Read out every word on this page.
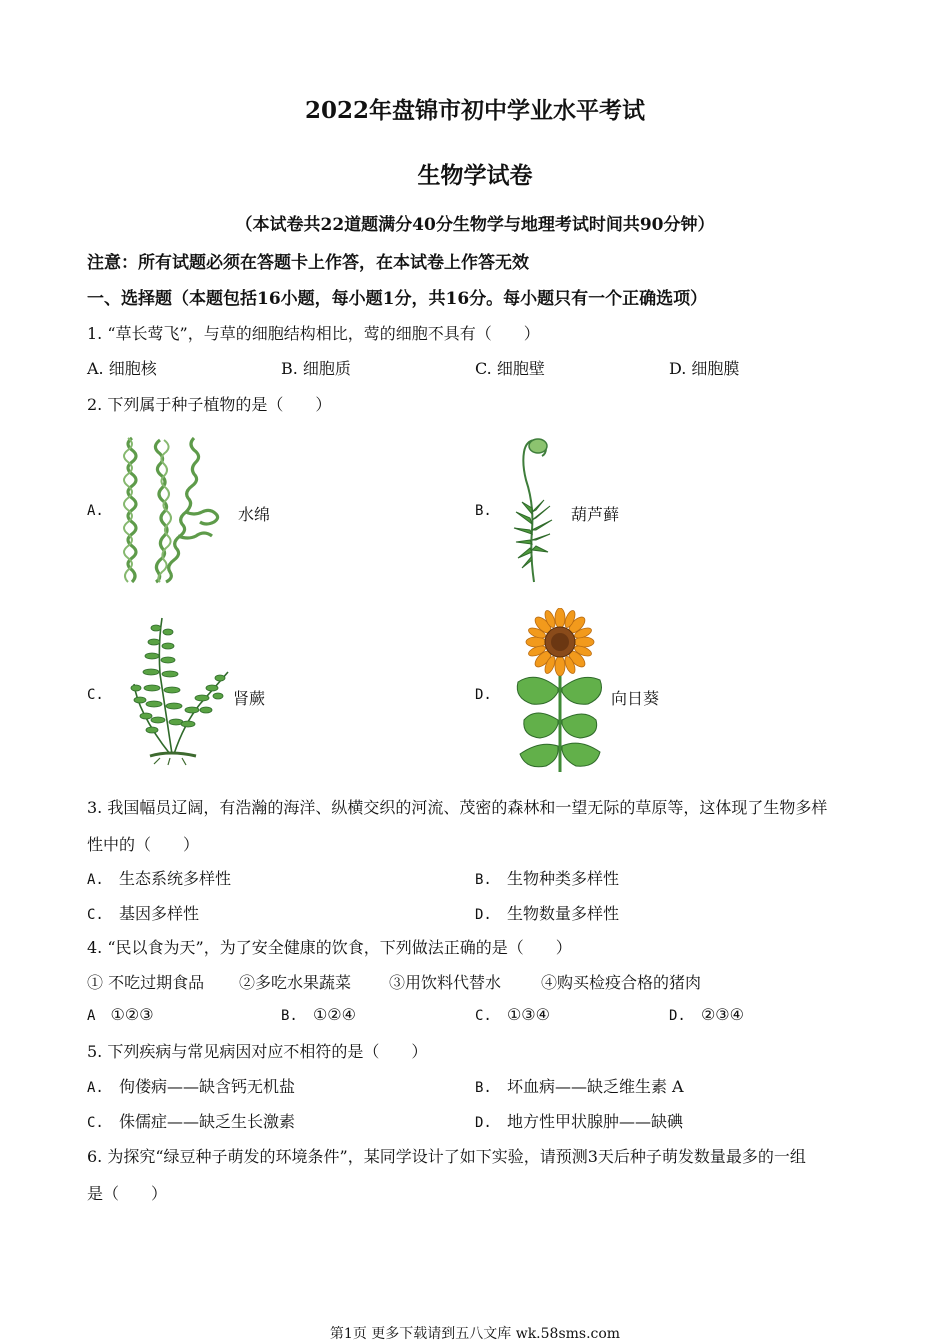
2022年盘锦市初中学业水平考试
生物学试卷
（本试卷共22道题满分40分生物学与地理考试时间共90分钟）
注意：所有试题必须在答题卡上作答，在本试卷上作答无效
一、选择题（本题包括16小题，每小题1分，共16分。每小题只有一个正确选项）
1. “草长莺飞”，与草的细胞结构相比，莺的细胞不具有（　　）
A. 细胞核	B. 细胞质	C. 细胞壁	D. 细胞膜
2. 下列属于种子植物的是（　　）
A.	水绵	B.	葫芦藓
C.	肾蕨	D.	向日葵
3. 我国幅员辽阔，有浩瀚的海洋、纵横交织的河流、茂密的森林和一望无际的草原等，这体现了生物多样
性中的（　　）
A. 生态系统多样性	B. 生物种类多样性
C. 基因多样性	D. 生物数量多样性
4. “民以食为天”，为了安全健康的饮食，下列做法正确的是（　　）
① 不吃过期食品 ②多吃水果蔬菜 ③用饮料代替水 ④购买检疫合格的猪肉
A ①②③	B. ①②④	C. ①③④	D. ②③④
5. 下列疾病与常见病因对应不相符的是（　　）
A. 佝偻病——缺含钙无机盐	B. 坏血病——缺乏维生素 A
C. 侏儒症——缺乏生长激素	D. 地方性甲状腺肿——缺碘
6. 为探究“绿豆种子萌发的环境条件”，某同学设计了如下实验，请预测3天后种子萌发数量最多的一组
是（　　）
第1页 更多下载请到五八文库 wk.58sms.com
